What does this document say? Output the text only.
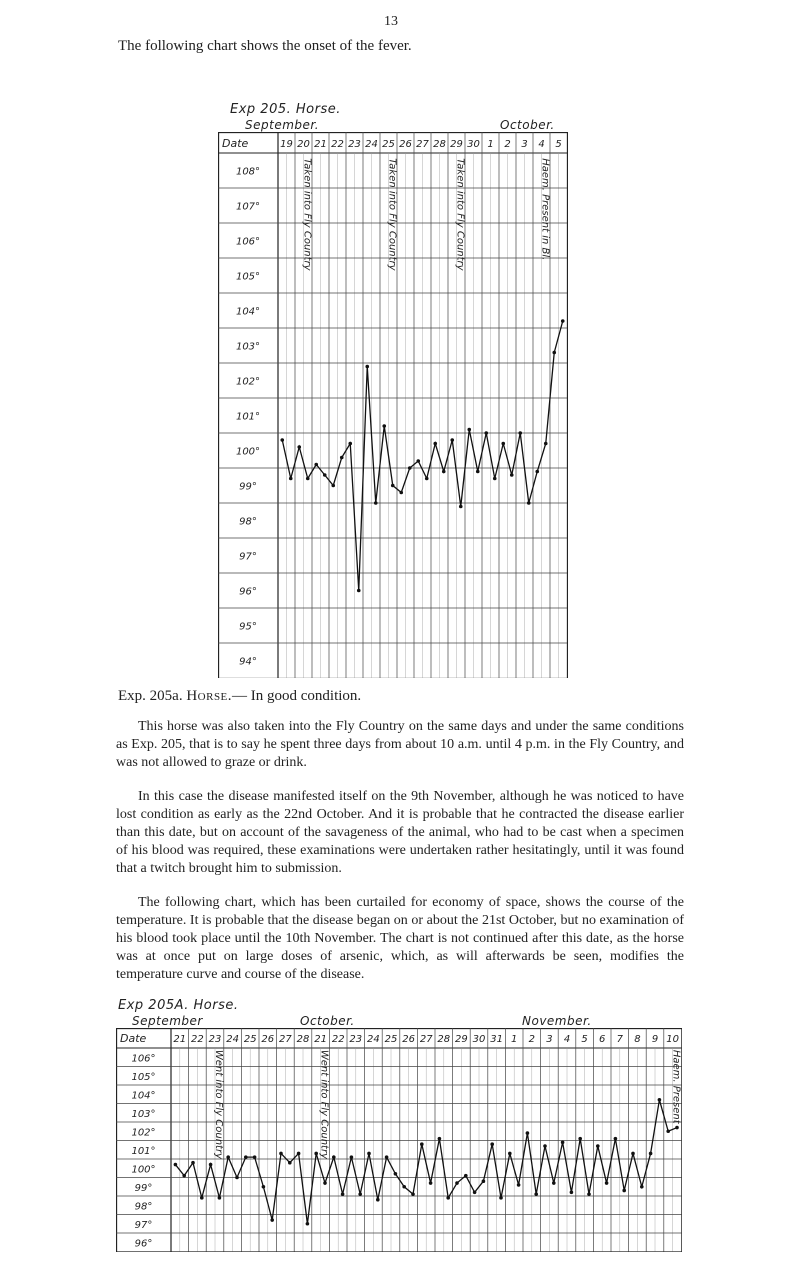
13
The following chart shows the onset of the fever.
Exp 205. Horse.
September.	October.
Date	19 20 21 22 23 24 25 26 27 28 29 30 1 2 3 4 5
108°
107°
106°
105°
104°
103°
102°
101°
100°
99°
98°
97°
96°
95°
94°
Taken into Fly Country	Taken into Fly Country	Taken into Fly Country	Haem. Present in Bl.
Exp. 205a. Horse.— In good condition.
This horse was also taken into the Fly Country on the same days and under the same conditions as Exp. 205, that is to say he spent three days from about 10 a.m. until 4 p.m. in the Fly Country, and was not allowed to graze or drink.
In this case the disease manifested itself on the 9th November, although he was noticed to have lost condition as early as the 22nd October. And it is probable that he contracted the disease earlier than this date, but on account of the savageness of the animal, who had to be cast when a specimen of his blood was required, these examinations were undertaken rather hesitatingly, until it was found that a twitch brought him to submission.
The following chart, which has been curtailed for economy of space, shows the course of the temperature. It is probable that the disease began on or about the 21st October, but no examination of his blood took place until the 10th November. The chart is not continued after this date, as the horse was at once put on large doses of arsenic, which, as will afterwards be seen, modifies the temperature curve and course of the disease.
Exp 205A. Horse.
September	October.	November.
Date	21 22 23 24 25 26 27 28 21 22 23 24 25 26 27 28 29 30 31 1 2 3 4 5 6 7 8 9 10
106°
105°
104°
103°
102°
101°
100°
99°
98°
97°
96°
Went into Fly Country	Went into Fly Country	Haem. Present
